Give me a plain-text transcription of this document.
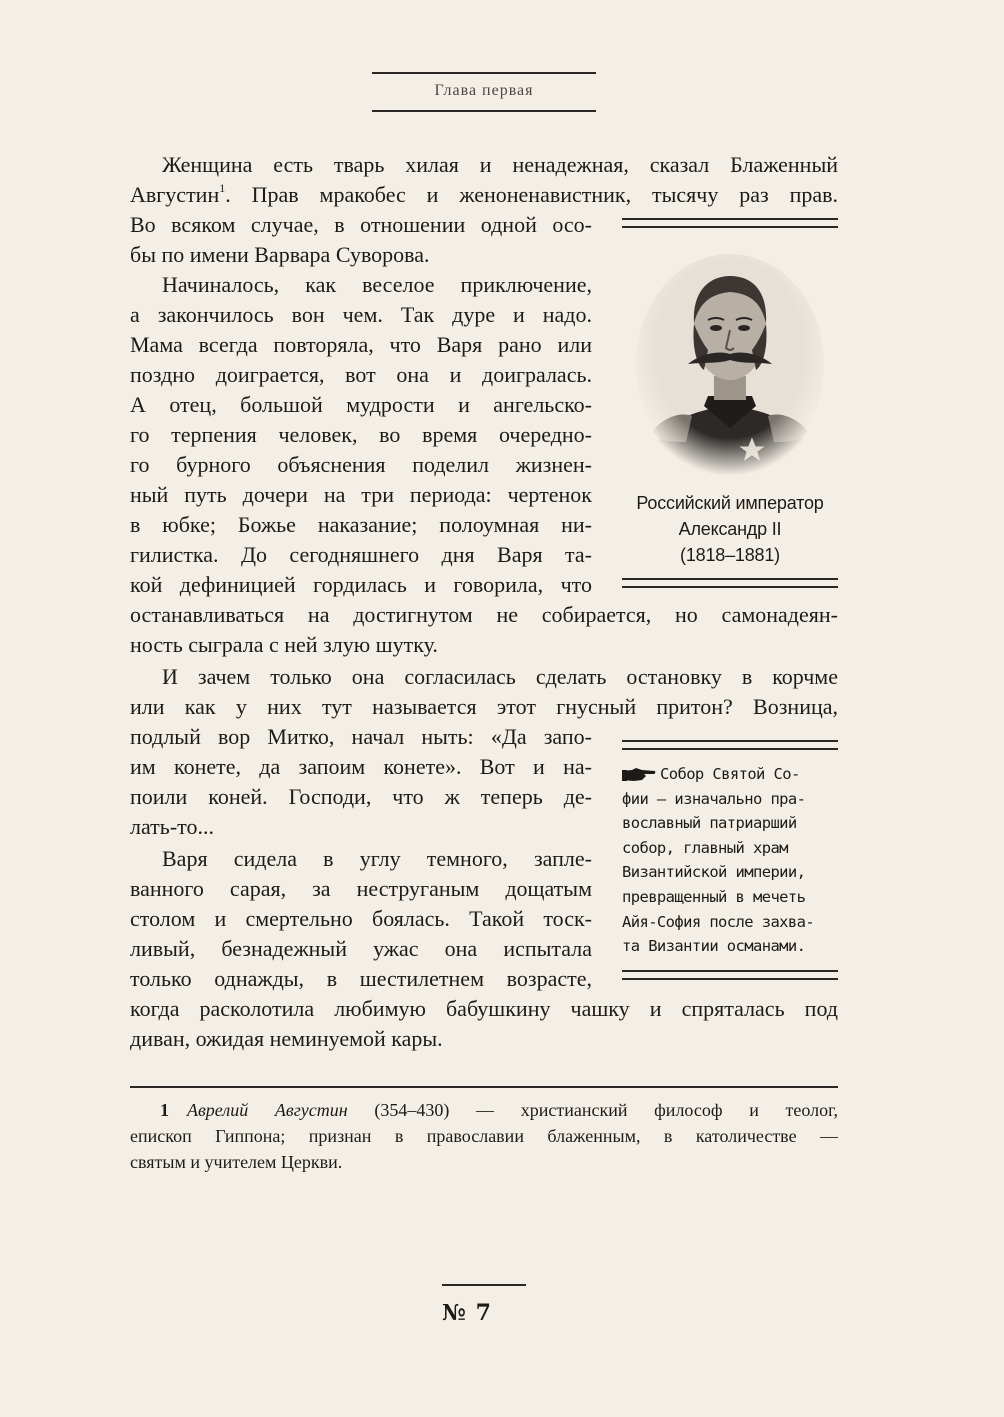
Глава первая
Женщина есть тварь хилая и ненадежная, сказал Блаженный
Августин$^1$. Прав мракобес и женоненавистник, тысячу раз прав.
Во всяком случае, в отношении одной осо-
бы по имени Варвара Суворова.
Начиналось, как веселое приключение,
а закончилось вон чем. Так дуре и надо.
Мама всегда повторяла, что Варя рано или
поздно доиграется, вот она и доигралась.
А отец, большой мудрости и ангельско-
го терпения человек, во время очередно-
го бурного объяснения поделил жизнен-
ный путь дочери на три периода: чертенок
в юбке; Божье наказание; полоумная ни-
гилистка. До сегодняшнего дня Варя та-
кой дефиницией гордилась и говорила, что
останавливаться на достигнутом не собирается, но самонадеян-
ность сыграла с ней злую шутку.
И зачем только она согласилась сделать остановку в корчме
или как у них тут называется этот гнусный притон? Возница,
подлый вор Митко, начал ныть: «Да запо-
им конете, да запоим конете». Вот и на-
поили коней. Господи, что ж теперь де-
лать-то...
Варя сидела в углу темного, запле-
ванного сарая, за неструганым дощатым
столом и смертельно боялась. Такой тоск-
ливый, безнадежный ужас она испытала
только однажды, в шестилетнем возрасте,
когда расколотила любимую бабушкину чашку и спряталась под
диван, ожидая неминуемой кары.
Российский император
Александр II
(1818–1881)
Собор Святой Со-
фии — изначально пра-
вославный патриарший
собор, главный храм
Византийской империи,
превращенный в мечеть
Айя-София после захва-
та Византии османами.
1 Аврелий Августин (354–430) — христианский философ и теолог,
епископ Гиппона; признан в православии блаженным, в католичестве —
святым и учителем Церкви.
№ 7
